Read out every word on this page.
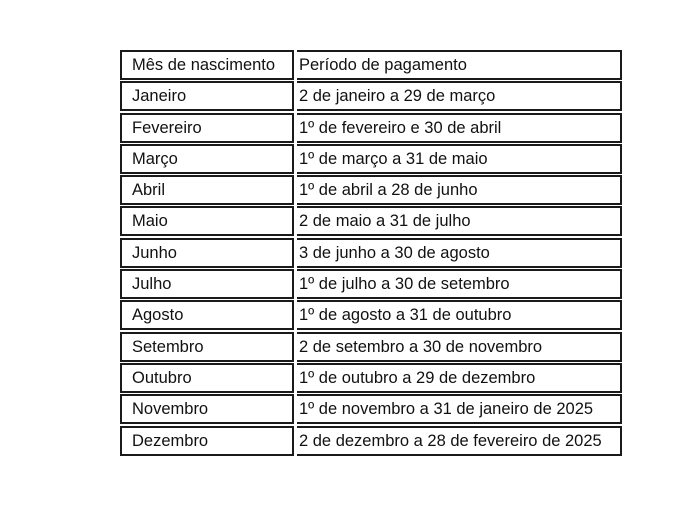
Mês de nascimento	Período de pagamento
Janeiro	2 de janeiro a 29 de março
Fevereiro	1º de fevereiro e 30 de abril
Março	1º de março a 31 de maio
Abril	1º de abril a 28 de junho
Maio	2 de maio a 31 de julho
Junho	3 de junho a 30 de agosto
Julho	1º de julho a 30 de setembro
Agosto	1º de agosto a 31 de outubro
Setembro	2 de setembro a 30 de novembro
Outubro	1º de outubro a 29 de dezembro
Novembro	1º de novembro a 31 de janeiro de 2025
Dezembro	2 de dezembro a 28 de fevereiro de 2025
